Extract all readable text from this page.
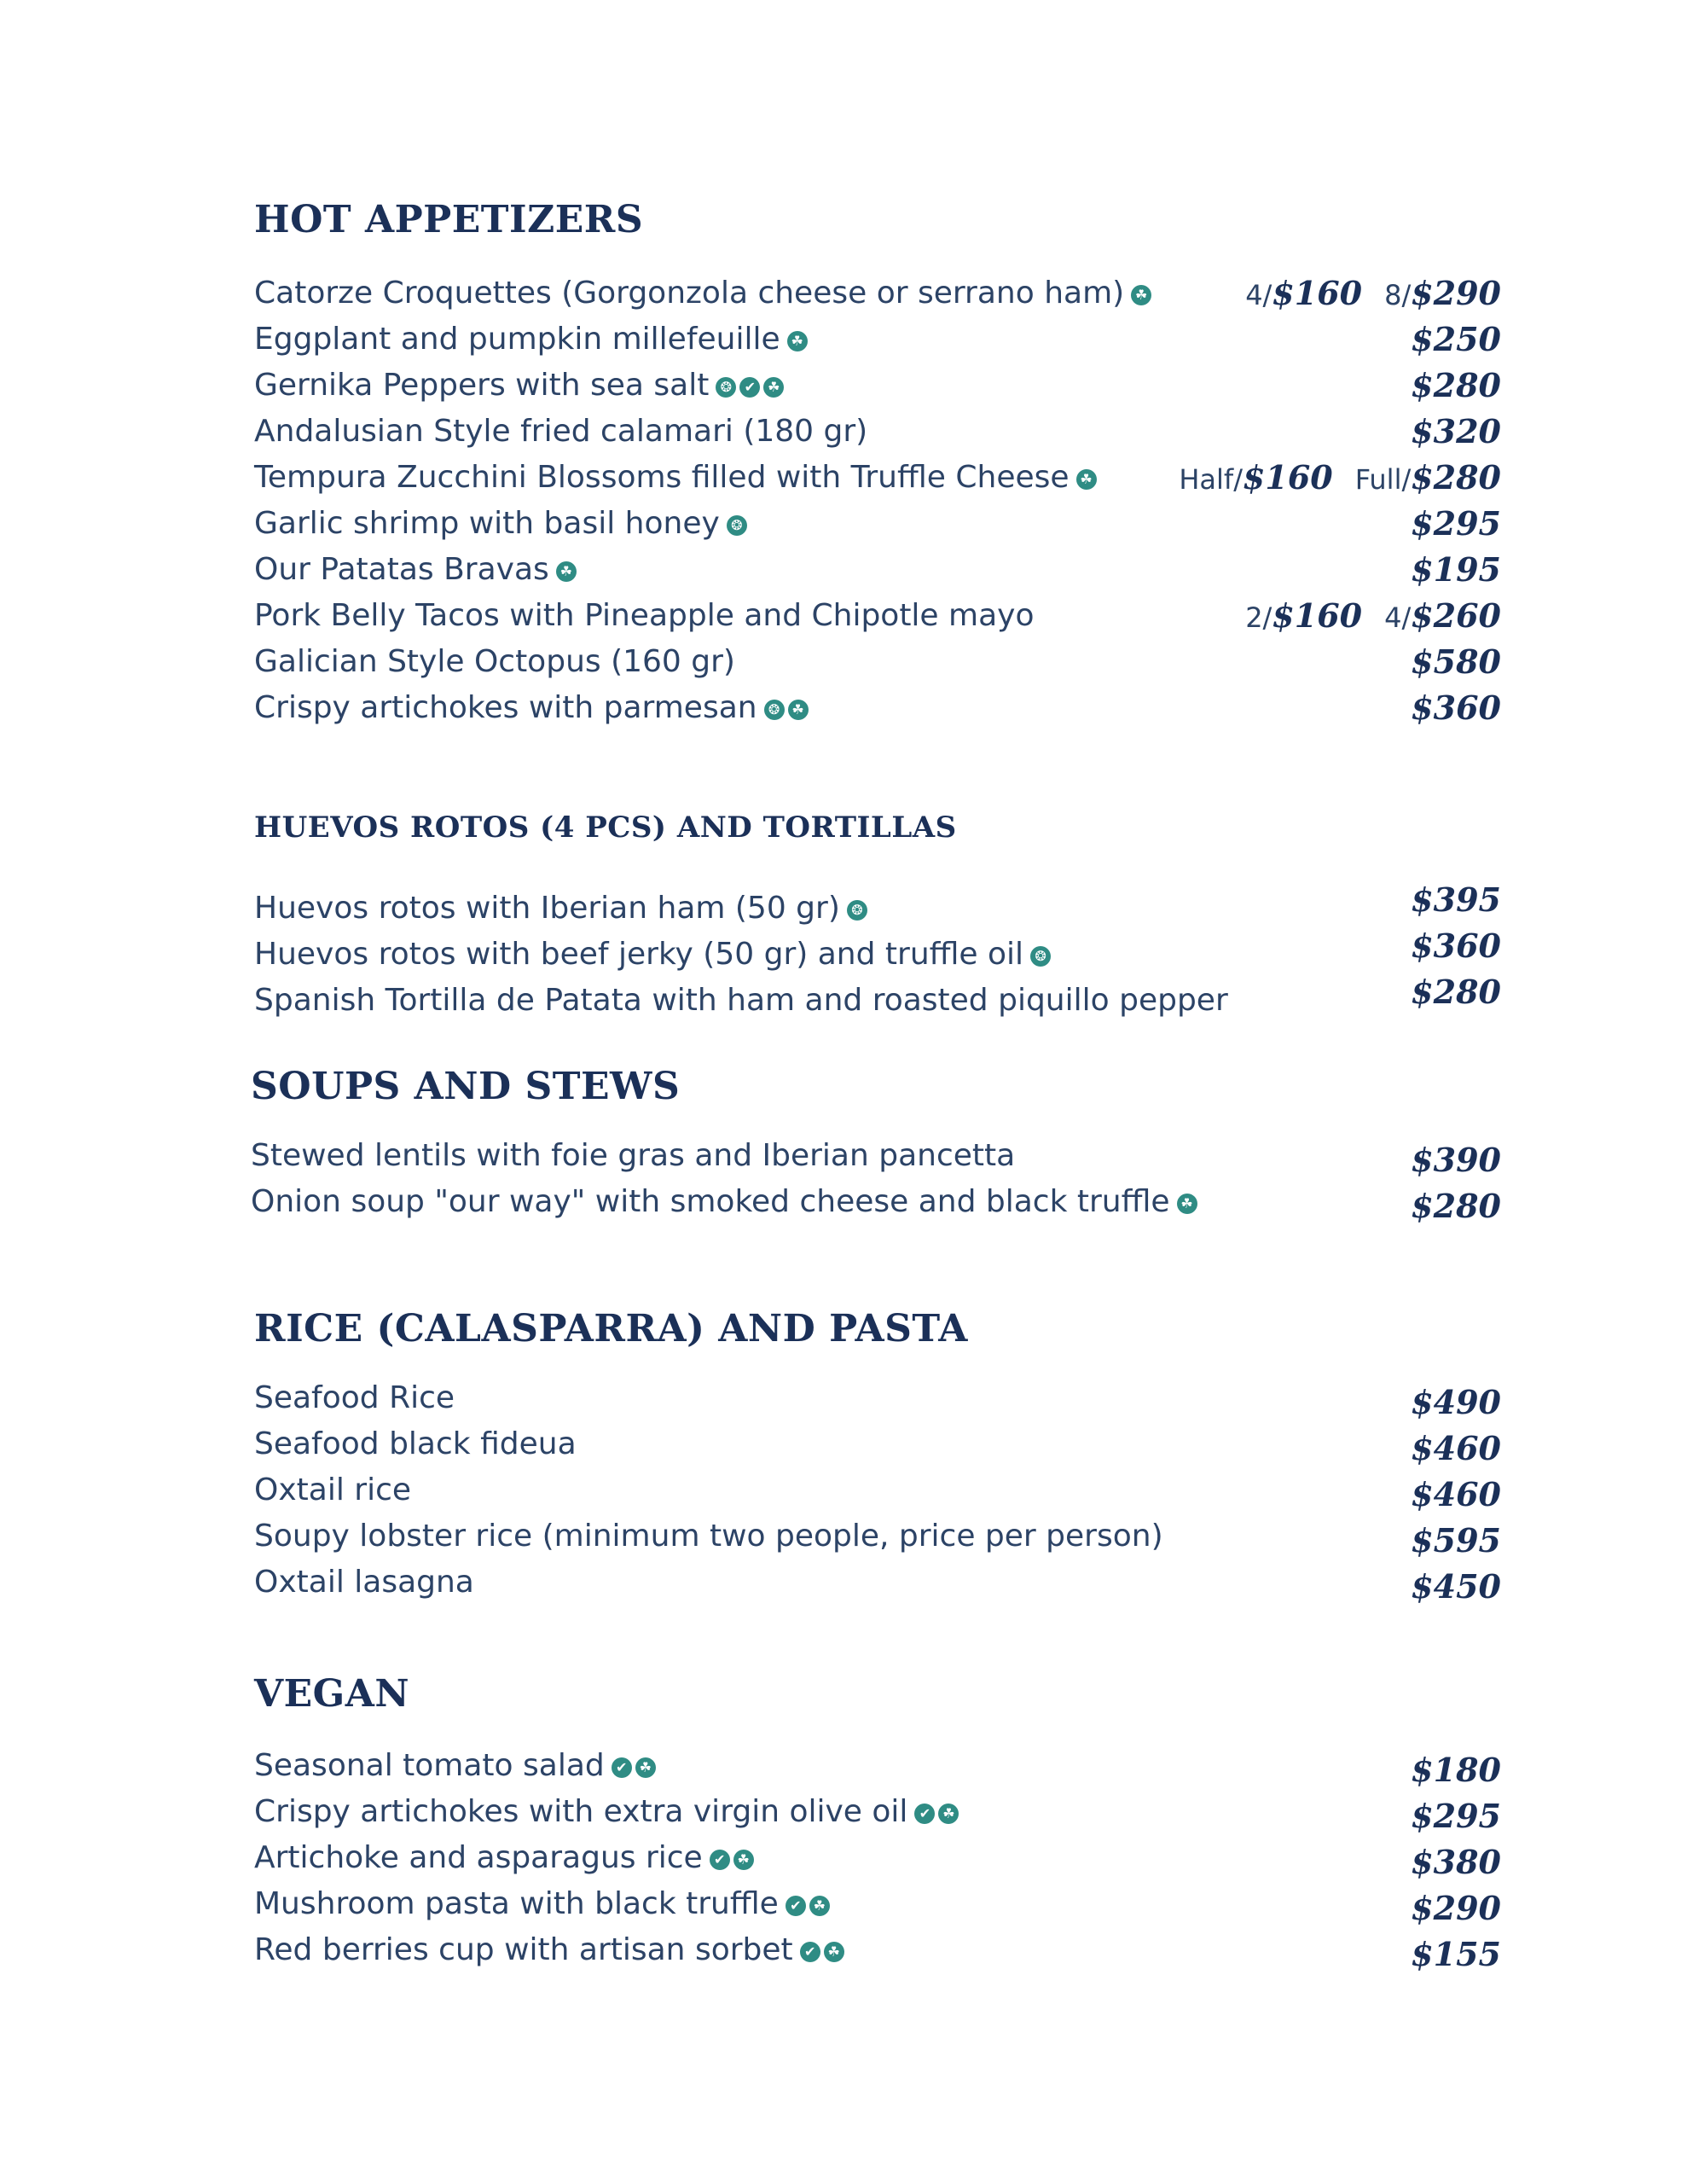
HOT APPETIZERS
Catorze Croquettes (Gorgonzola cheese or serrano ham) ☘	4/$160 8/$290
Eggplant and pumpkin millefeuille ☘	$250
Gernika Peppers with sea salt ❂ ✔ ☘	$280
Andalusian Style fried calamari (180 gr)	$320
Tempura Zucchini Blossoms filled with Truffle Cheese ☘	Half/$160 Full/$280
Garlic shrimp with basil honey ❂	$295
Our Patatas Bravas ☘	$195
Pork Belly Tacos with Pineapple and Chipotle mayo	2/$160 4/$260
Galician Style Octopus (160 gr)	$580
Crispy artichokes with parmesan ❂ ☘	$360
HUEVOS ROTOS (4 PCS) AND TORTILLAS
Huevos rotos with Iberian ham (50 gr) ❂	$395
Huevos rotos with beef jerky (50 gr) and truffle oil ❂	$360
Spanish Tortilla de Patata with ham and roasted piquillo pepper	$280
SOUPS AND STEWS
Stewed lentils with foie gras and Iberian pancetta	$390
Onion soup "our way" with smoked cheese and black truffle ☘	$280
RICE (CALASPARRA) AND PASTA
Seafood Rice	$490
Seafood black fideua	$460
Oxtail rice	$460
Soupy lobster rice (minimum two people, price per person)	$595
Oxtail lasagna	$450
VEGAN
Seasonal tomato salad ✔ ☘	$180
Crispy artichokes with extra virgin olive oil ✔ ☘	$295
Artichoke and asparagus rice ✔ ☘	$380
Mushroom pasta with black truffle ✔ ☘	$290
Red berries cup with artisan sorbet ✔ ☘	$155
